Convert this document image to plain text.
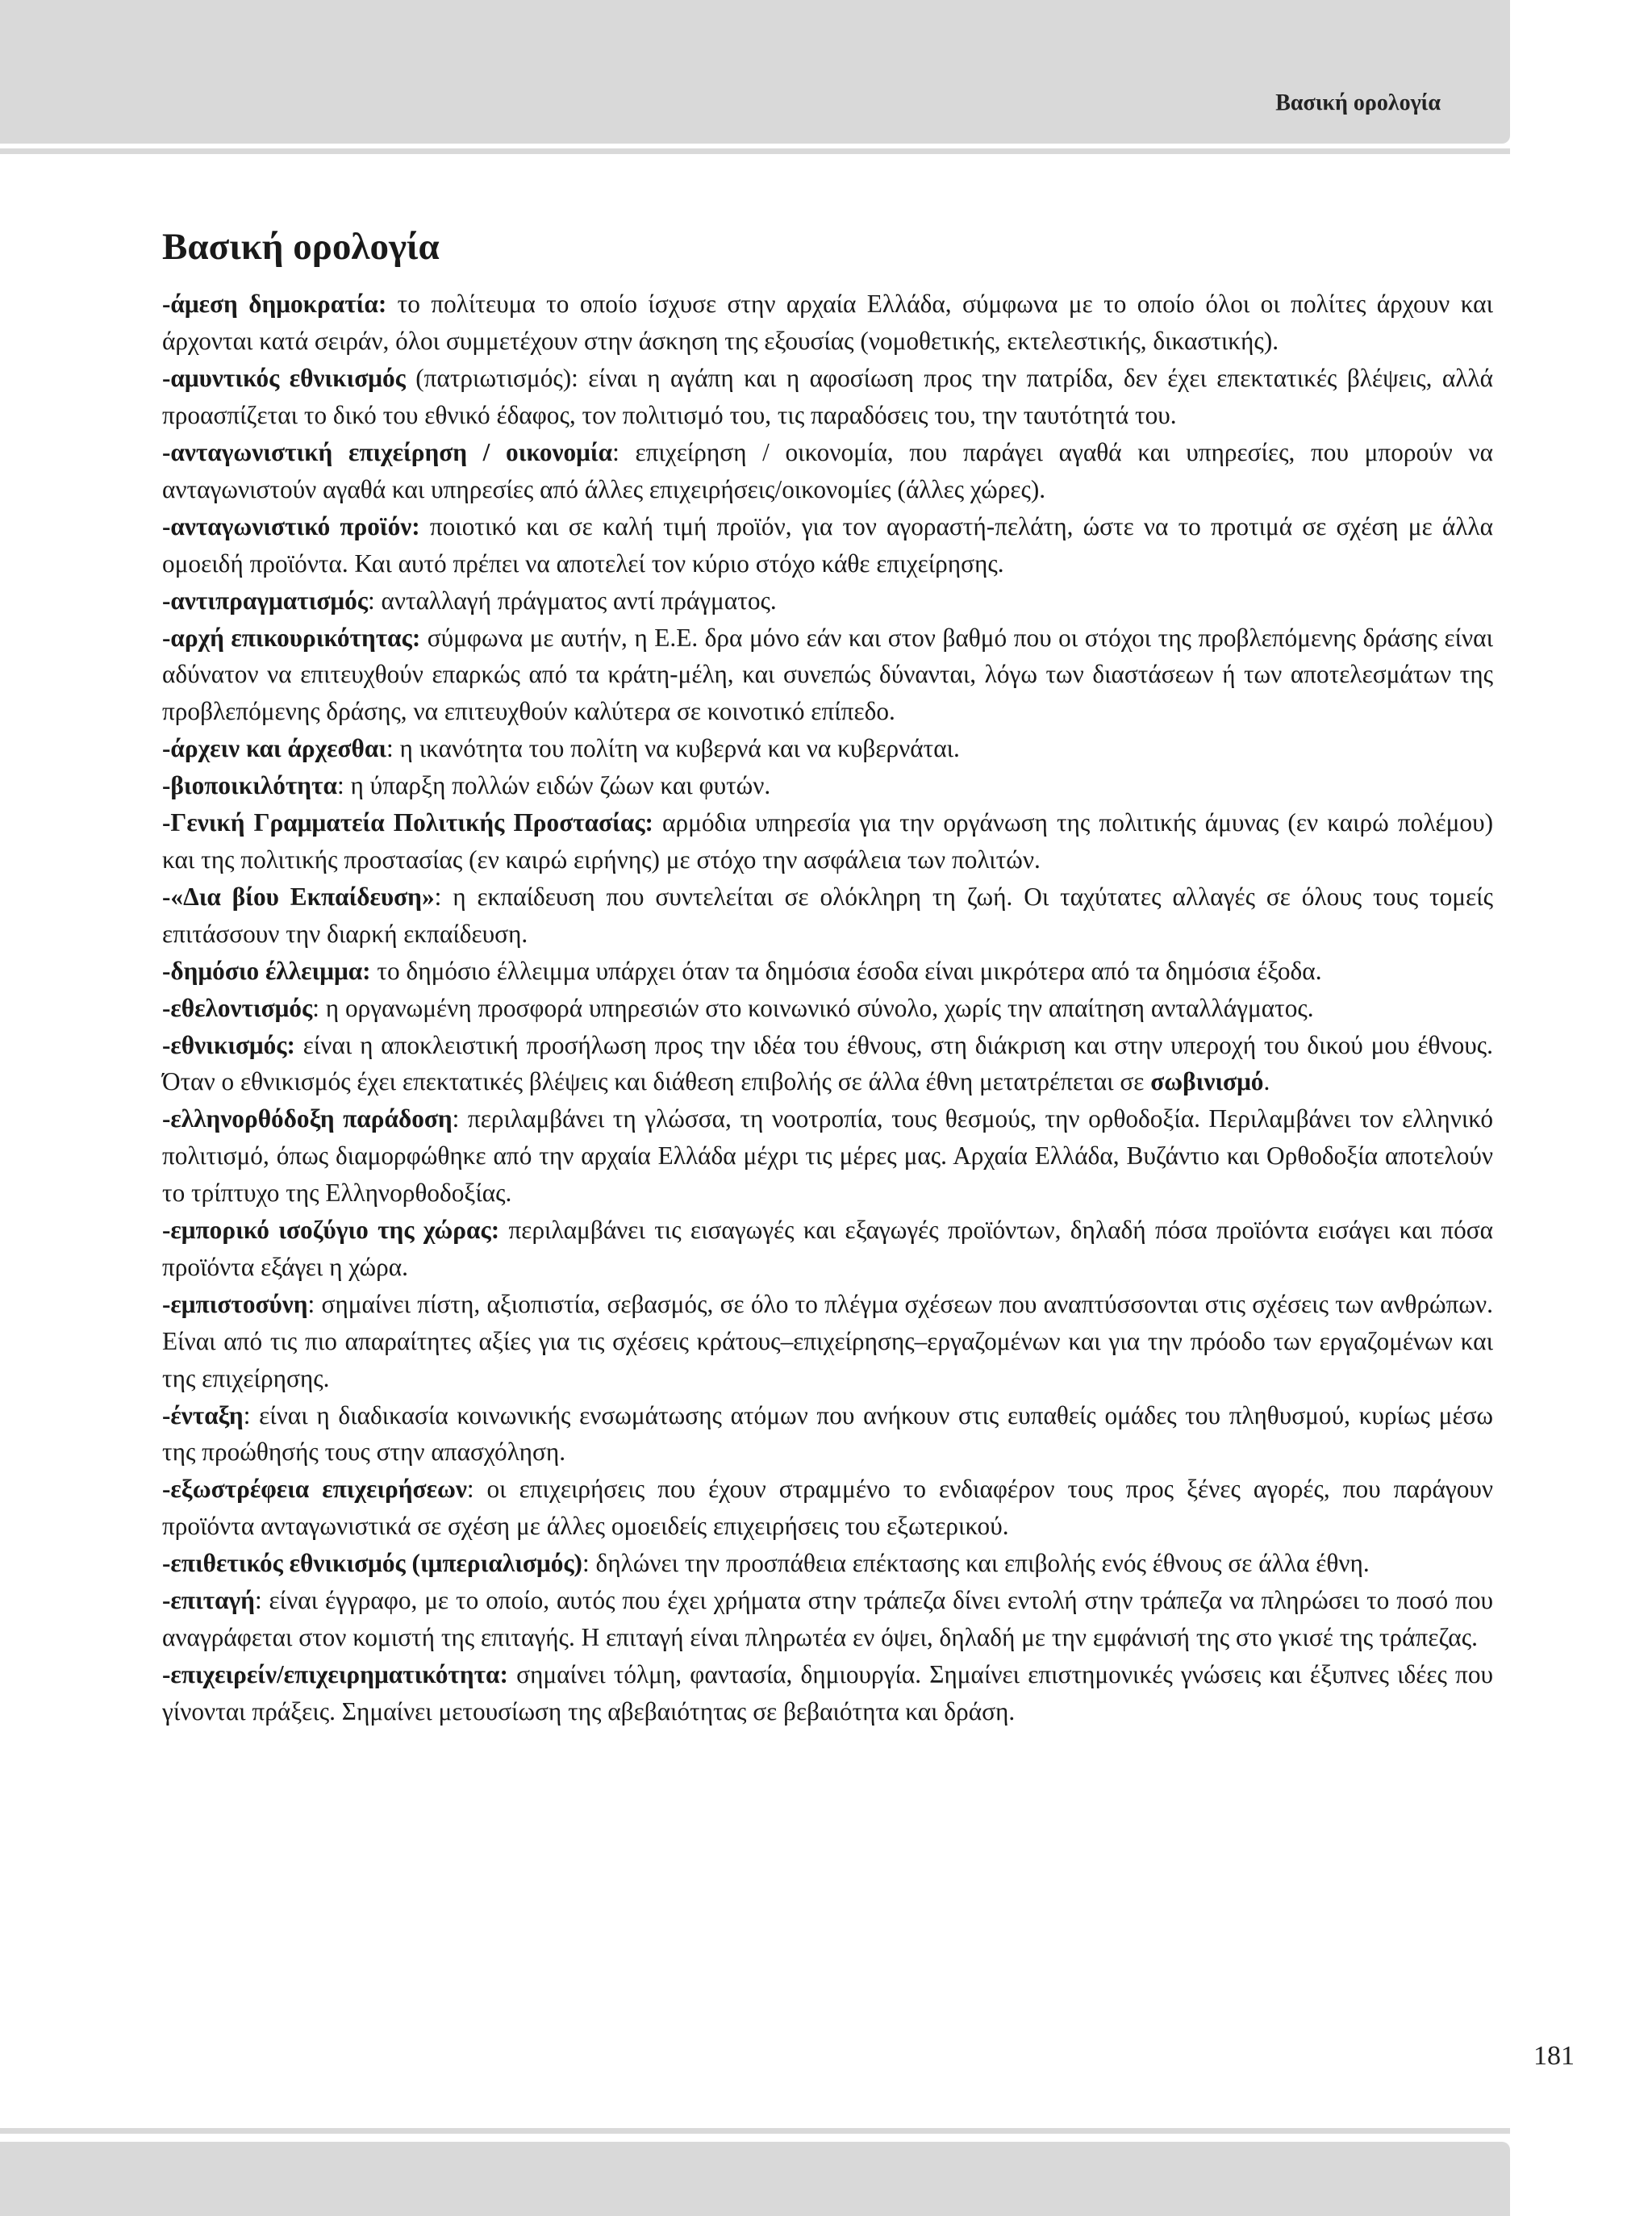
Βασική ορολογία
Βασική ορολογία

-άμεση δημοκρατία: το πολίτευμα το οποίο ίσχυσε στην αρχαία Ελλάδα, σύμφωνα με το οποίο όλοι οι πολίτες άρχουν και άρχονται κατά σειράν, όλοι συμμετέχουν στην άσκηση της εξουσίας (νομοθετικής, εκτελεστικής, δικαστικής).

-αμυντικός εθνικισμός (πατριωτισμός): είναι η αγάπη και η αφοσίωση προς την πατρίδα, δεν έχει επεκτατικές βλέψεις, αλλά προασπίζεται το δικό του εθνικό έδαφος, τον πολιτισμό του, τις παραδόσεις του, την ταυτότητά του.

-ανταγωνιστική επιχείρηση / οικονομία: επιχείρηση / οικονομία, που παράγει αγαθά και υπηρεσίες, που μπορούν να ανταγωνιστούν αγαθά και υπηρεσίες από άλλες επιχειρήσεις/οικονομίες (άλλες χώρες).

-ανταγωνιστικό προϊόν: ποιοτικό και σε καλή τιμή προϊόν, για τον αγοραστή-πελάτη, ώστε να το προτιμά σε σχέση με άλλα ομοειδή προϊόντα. Και αυτό πρέπει να αποτελεί τον κύριο στόχο κάθε επιχείρησης.

-αντιπραγματισμός: ανταλλαγή πράγματος αντί πράγματος.

-αρχή επικουρικότητας: σύμφωνα με αυτήν, η Ε.Ε. δρα μόνο εάν και στον βαθμό που οι στόχοι της προβλεπόμενης δράσης είναι αδύνατον να επιτευχθούν επαρκώς από τα κράτη-μέλη, και συνεπώς δύνανται, λόγω των διαστάσεων ή των αποτελεσμάτων της προβλεπόμενης δράσης, να επιτευχθούν καλύτερα σε κοινοτικό επίπεδο.

-άρχειν και άρχεσθαι: η ικανότητα του πολίτη να κυβερνά και να κυβερνάται.

-βιοποικιλότητα: η ύπαρξη πολλών ειδών ζώων και φυτών.

-Γενική Γραμματεία Πολιτικής Προστασίας: αρμόδια υπηρεσία για την οργάνωση της πολιτικής άμυνας (εν καιρώ πολέμου) και της πολιτικής προστασίας (εν καιρώ ειρήνης) με στόχο την ασφάλεια των πολιτών.

-«Δια βίου Εκπαίδευση»: η εκπαίδευση που συντελείται σε ολόκληρη τη ζωή. Οι ταχύτατες αλλαγές σε όλους τους τομείς επιτάσσουν την διαρκή εκπαίδευση.

-δημόσιο έλλειμμα: το δημόσιο έλλειμμα υπάρχει όταν τα δημόσια έσοδα είναι μικρότερα από τα δημόσια έξοδα.

-εθελοντισμός: η οργανωμένη προσφορά υπηρεσιών στο κοινωνικό σύνολο, χωρίς την απαίτηση ανταλλάγματος.

-εθνικισμός: είναι η αποκλειστική προσήλωση προς την ιδέα του έθνους, στη διάκριση και στην υπεροχή του δικού μου έθνους. Όταν ο εθνικισμός έχει επεκτατικές βλέψεις και διάθεση επιβολής σε άλλα έθνη μετατρέπεται σε σωβινισμό.

-ελληνορθόδοξη παράδοση: περιλαμβάνει τη γλώσσα, τη νοοτροπία, τους θεσμούς, την ορθοδοξία. Περιλαμβάνει τον ελληνικό πολιτισμό, όπως διαμορφώθηκε από την αρχαία Ελλάδα μέχρι τις μέρες μας. Αρχαία Ελλάδα, Βυζάντιο και Ορθοδοξία αποτελούν το τρίπτυχο της Ελληνορθοδοξίας.

-εμπορικό ισοζύγιο της χώρας: περιλαμβάνει τις εισαγωγές και εξαγωγές προϊόντων, δηλαδή πόσα προϊόντα εισάγει και πόσα προϊόντα εξάγει η χώρα.

-εμπιστοσύνη: σημαίνει πίστη, αξιοπιστία, σεβασμός, σε όλο το πλέγμα σχέσεων που αναπτύσσονται στις σχέσεις των ανθρώπων. Είναι από τις πιο απαραίτητες αξίες για τις σχέσεις κράτους–επιχείρησης–εργαζομένων και για την πρόοδο των εργαζομένων και της επιχείρησης.

-ένταξη: είναι η διαδικασία κοινωνικής ενσωμάτωσης ατόμων που ανήκουν στις ευπαθείς ομάδες του πληθυσμού, κυρίως μέσω της προώθησής τους στην απασχόληση.

-εξωστρέφεια επιχειρήσεων: οι επιχειρήσεις που έχουν στραμμένο το ενδιαφέρον τους προς ξένες αγορές, που παράγουν προϊόντα ανταγωνιστικά σε σχέση με άλλες ομοειδείς επιχειρήσεις του εξωτερικού.

-επιθετικός εθνικισμός (ιμπεριαλισμός): δηλώνει την προσπάθεια επέκτασης και επιβολής ενός έθνους σε άλλα έθνη.

-επιταγή: είναι έγγραφο, με το οποίο, αυτός που έχει χρήματα στην τράπεζα δίνει εντολή στην τράπεζα να πληρώσει το ποσό που αναγράφεται στον κομιστή της επιταγής. Η επιταγή είναι πληρωτέα εν όψει, δηλαδή με την εμφάνισή της στο γκισέ της τράπεζας.

-επιχειρείν/επιχειρηματικότητα: σημαίνει τόλμη, φαντασία, δημιουργία. Σημαίνει επιστημονικές γνώσεις και έξυπνες ιδέες που γίνονται πράξεις. Σημαίνει μετουσίωση της αβεβαιότητας σε βεβαιότητα και δράση.

181
